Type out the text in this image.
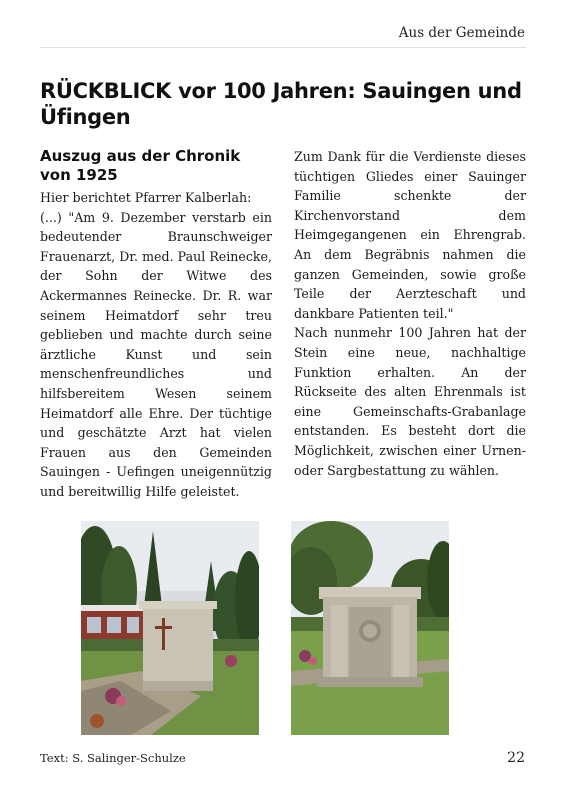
Aus der Gemeinde
RÜCKBLICK vor 100 Jahren: Sauingen und Üfingen
Auszug aus der Chronik von 1925

Hier berichtet Pfarrer Kalberlah:

(...) "Am 9. Dezember verstarb ein bedeutender Braunschweiger Frauenarzt, Dr. med. Paul Reinecke, der Sohn der Witwe des Ackermannes Reinecke. Dr. R. war seinem Heimatdorf sehr treu geblieben und machte durch seine ärztliche Kunst und sein menschenfreundliches und hilfsbereitem Wesen seinem Heimatdorf alle Ehre. Der tüchtige und geschätzte Arzt hat vielen Frauen aus den Gemeinden Sauingen - Uefingen uneigennützig und bereitwillig Hilfe geleistet.

Zum Dank für die Verdienste dieses tüchtigen Gliedes einer Sauinger Familie schenkte der Kirchenvorstand dem Heimgegangenen ein Ehrengrab. An dem Begräbnis nahmen die ganzen Gemeinden, sowie große Teile der Aerzteschaft und dankbare Patienten teil."

Nach nunmehr 100 Jahren hat der Stein eine neue, nachhaltige Funktion erhalten. An der Rückseite des alten Ehrenmals ist eine Gemeinschafts-Grabanlage entstanden. Es besteht dort die Möglichkeit, zwischen einer Urnen- oder Sargbestattung zu wählen.

Text: S. Salinger-Schulze	22
